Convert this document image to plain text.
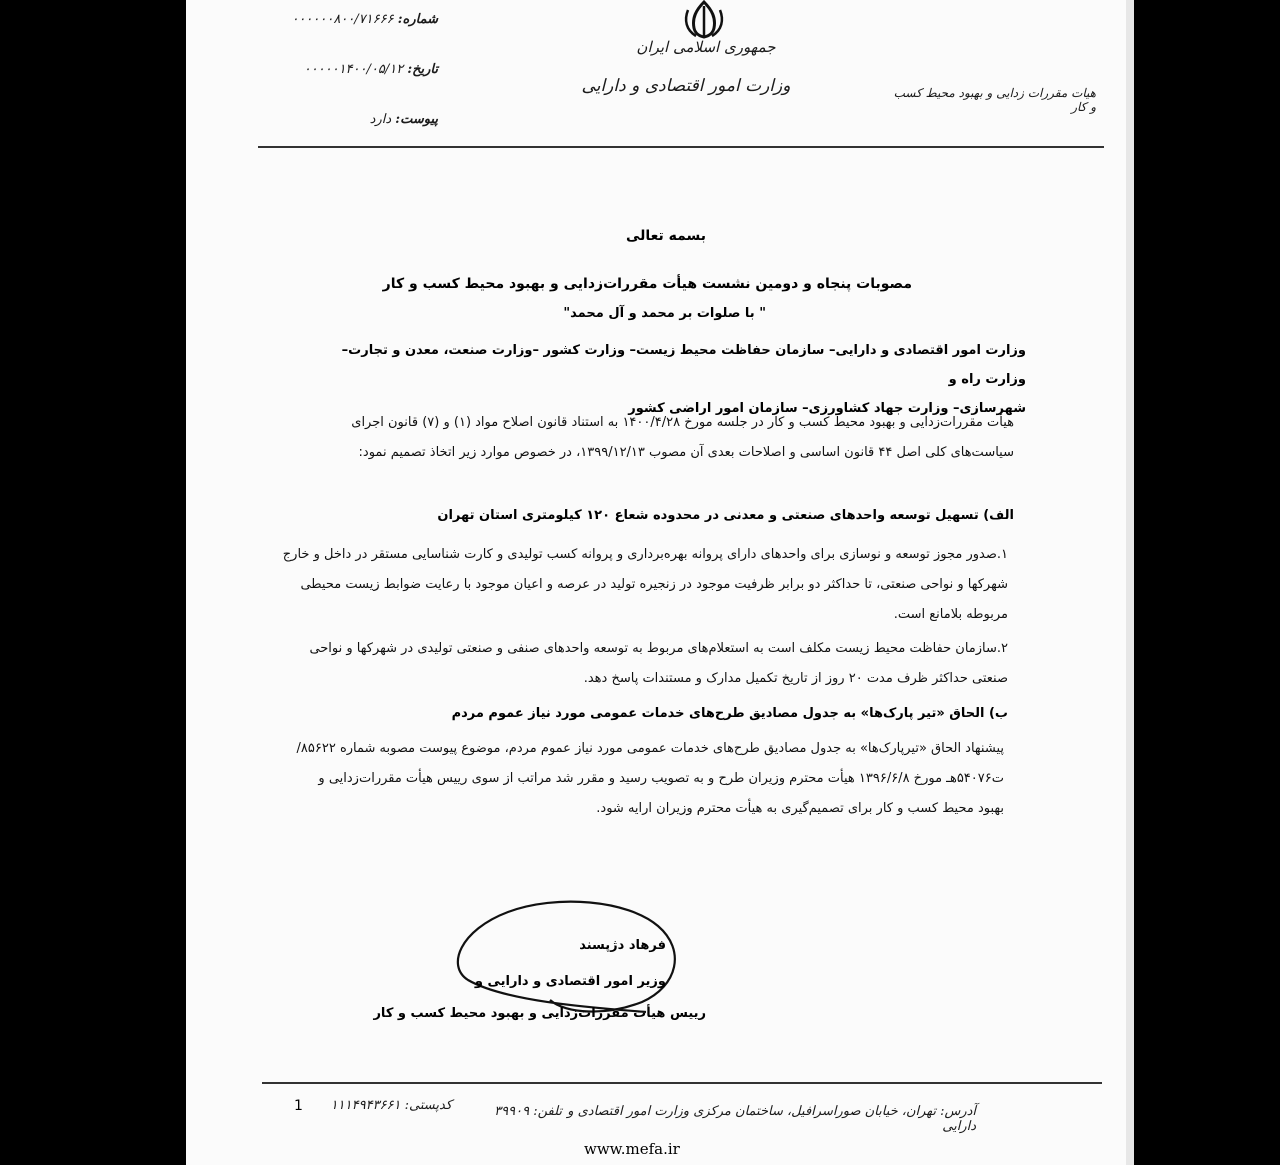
جمهوری اسلامی ایران
وزارت امور اقتصادی و دارایی	هیات مقررات زدایی و بهبود محیط کسب و کار
شماره: ۰۰۰۰۰۰۸۰۰/۷۱۶۶۶
تاریخ: ۰۰۰۰۰۱۴۰۰/۰۵/۱۲
پیوست: دارد
بسمه تعالی
مصوبات پنجاه و دومین نشست هیأت مقررات‌زدایی و بهبود محیط کسب و کار
" با صلوات بر محمد و آل محمد"
وزارت امور اقتصادی و دارایی– سازمان حفاظت محیط زیست– وزارت کشور –وزارت صنعت، معدن و تجارت– وزارت راه و
شهرسازی– وزارت جهاد کشاورزی– سازمان امور اراضی کشور
هیأت مقررات‌زدایی و بهبود محیط کسب و کار در جلسه مورخ ۱۴۰۰/۴/۲۸ به استناد قانون اصلاح مواد (۱) و (۷) قانون اجرای سیاست‌های کلی اصل ۴۴ قانون اساسی و اصلاحات بعدی آن مصوب ۱۳۹۹/۱۲/۱۳، در خصوص موارد زیر اتخاذ تصمیم نمود:
الف) تسهیل توسعه واحدهای صنعتی و معدنی در محدوده شعاع ۱۲۰ کیلومتری استان تهران
۱.صدور مجوز توسعه و نوسازی برای واحدهای دارای پروانه بهره‌برداری و پروانه کسب تولیدی و کارت شناسایی مستقر در داخل و خارج شهرکها و نواحی صنعتی، تا حداکثر دو برابر ظرفیت موجود در زنجیره تولید در عرصه و اعیان موجود با رعایت ضوابط زیست محیطی مربوطه بلامانع است.
۲.سازمان حفاظت محیط زیست مکلف است به استعلام‌های مربوط به توسعه واحدهای صنفی و صنعتی تولیدی در شهرکها و نواحی صنعتی حداکثر ظرف مدت ۲۰ روز از تاریخ تکمیل مدارک و مستندات پاسخ دهد.
ب) الحاق «تیر پارک‌ها» به جدول مصادیق طرح‌های خدمات عمومی مورد نیاز عموم مردم
پیشنهاد الحاق «تیرپارک‌ها» به جدول مصادیق طرح‌های خدمات عمومی مورد نیاز عموم مردم، موضوع پیوست مصوبه شماره ۸۵۶۲۲/ت۵۴۰۷۶هـ مورخ ۱۳۹۶/۶/۸ هیأت محترم وزیران طرح و به تصویب رسید و مقرر شد مراتب از سوی رییس هیأت مقررات‌زدایی و بهبود محیط کسب و کار برای تصمیم‌گیری به هیأت محترم وزیران ارایه شود.
فرهاد دژپسند
وزیر امور اقتصادی و دارایی و
رییس هیأت مقررات‌زدایی و بهبود محیط کسب و کار
آدرس: تهران، خیابان صوراسرافیل، ساختمان مرکزی وزارت امور اقتصادی و دارایی
تلفن: ۳۹۹۰۹
کدپستی: ۱۱۱۴۹۴۳۶۶۱
1
www.mefa.ir
